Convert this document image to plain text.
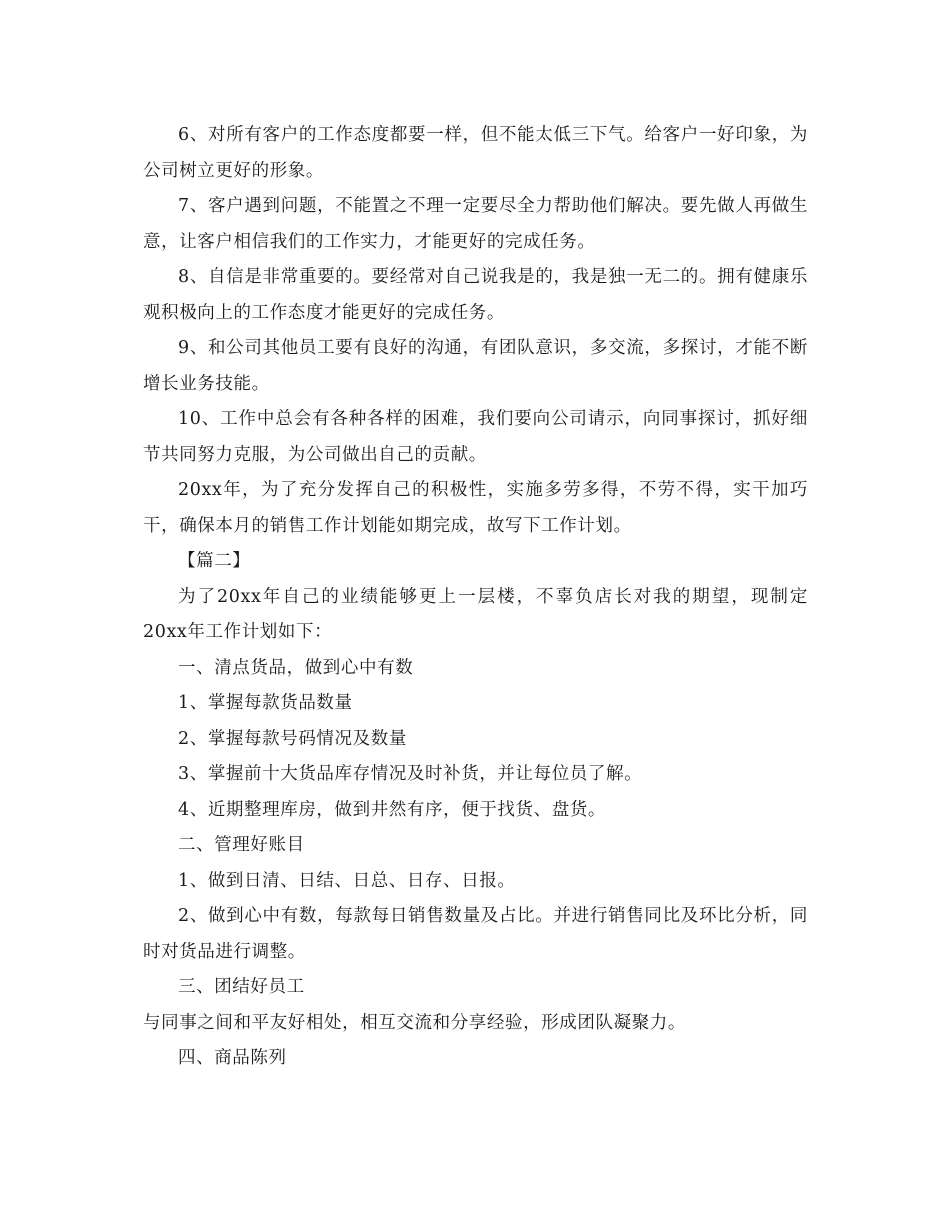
6、对所有客户的工作态度都要一样，但不能太低三下气。给客户一好印象，为公司树立更好的形象。

7、客户遇到问题，不能置之不理一定要尽全力帮助他们解决。要先做人再做生意，让客户相信我们的工作实力，才能更好的完成任务。

8、自信是非常重要的。要经常对自己说我是的，我是独一无二的。拥有健康乐观积极向上的工作态度才能更好的完成任务。

9、和公司其他员工要有良好的沟通，有团队意识，多交流，多探讨，才能不断增长业务技能。

10、工作中总会有各种各样的困难，我们要向公司请示，向同事探讨，抓好细节共同努力克服，为公司做出自己的贡献。

20xx年，为了充分发挥自己的积极性，实施多劳多得，不劳不得，实干加巧干，确保本月的销售工作计划能如期完成，故写下工作计划。

【篇二】

为了20xx年自己的业绩能够更上一层楼，不辜负店长对我的期望，现制定20xx年工作计划如下：

一、清点货品，做到心中有数

1、掌握每款货品数量

2、掌握每款号码情况及数量

3、掌握前十大货品库存情况及时补货，并让每位员了解。

4、近期整理库房，做到井然有序，便于找货、盘货。

二、管理好账目

1、做到日清、日结、日总、日存、日报。

2、做到心中有数，每款每日销售数量及占比。并进行销售同比及环比分析，同时对货品进行调整。

三、团结好员工

与同事之间和平友好相处，相互交流和分享经验，形成团队凝聚力。

四、商品陈列
